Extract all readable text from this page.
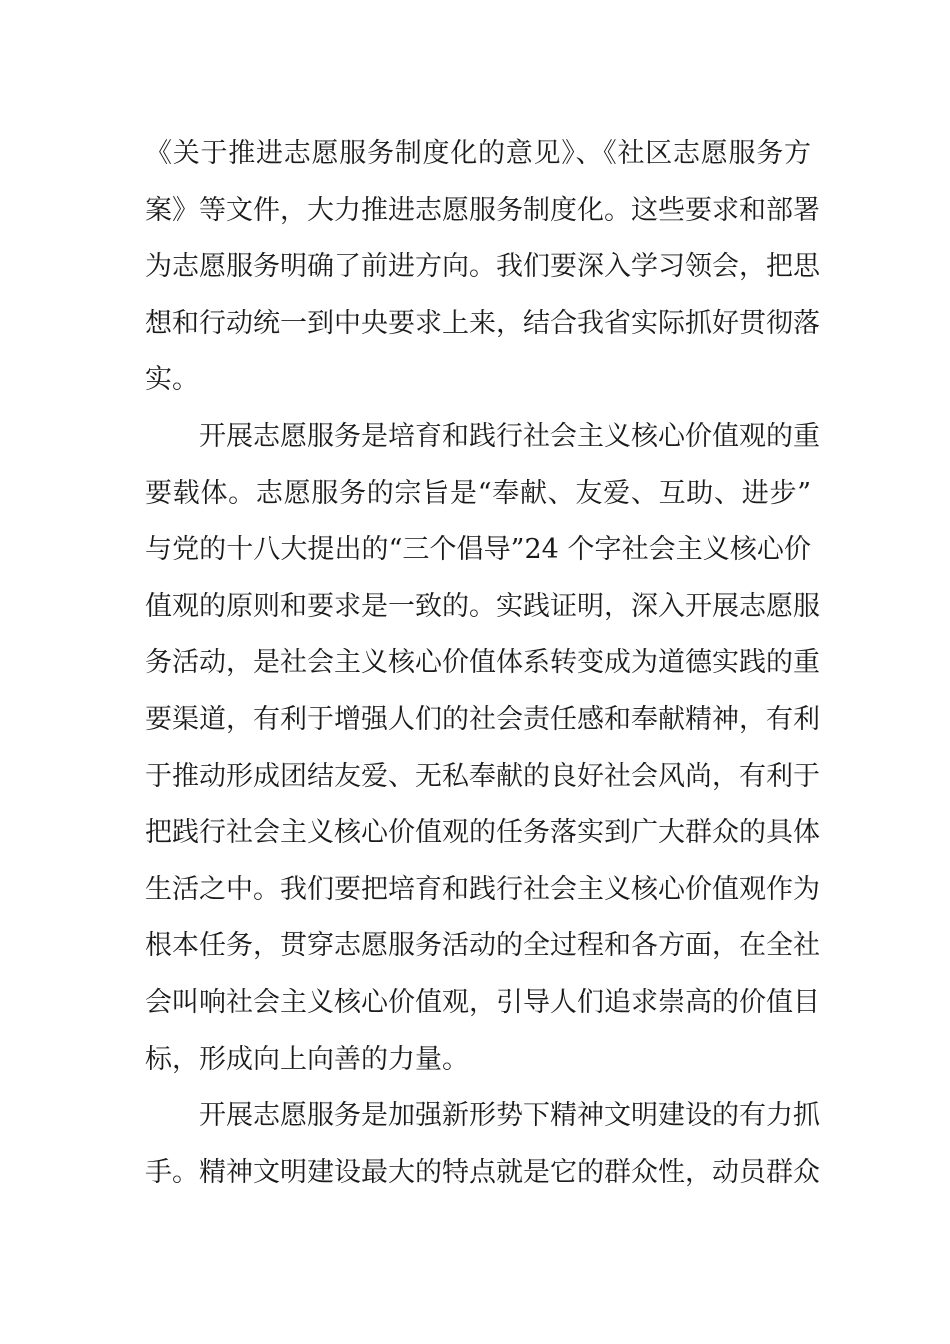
《关于推进志愿服务制度化的意见》、《社区志愿服务方
案》等文件，大力推进志愿服务制度化。这些要求和部署
为志愿服务明确了前进方向。我们要深入学习领会，把思
想和行动统一到中央要求上来，结合我省实际抓好贯彻落
实。
开展志愿服务是培育和践行社会主义核心价值观的重
要载体。志愿服务的宗旨是“奉献、友爱、互助、进步”
与党的十八大提出的“三个倡导”24 个字社会主义核心价
值观的原则和要求是一致的。实践证明，深入开展志愿服
务活动，是社会主义核心价值体系转变成为道德实践的重
要渠道，有利于增强人们的社会责任感和奉献精神，有利
于推动形成团结友爱、无私奉献的良好社会风尚，有利于
把践行社会主义核心价值观的任务落实到广大群众的具体
生活之中。我们要把培育和践行社会主义核心价值观作为
根本任务，贯穿志愿服务活动的全过程和各方面，在全社
会叫响社会主义核心价值观，引导人们追求崇高的价值目
标，形成向上向善的力量。
开展志愿服务是加强新形势下精神文明建设的有力抓
手。精神文明建设最大的特点就是它的群众性，动员群众
